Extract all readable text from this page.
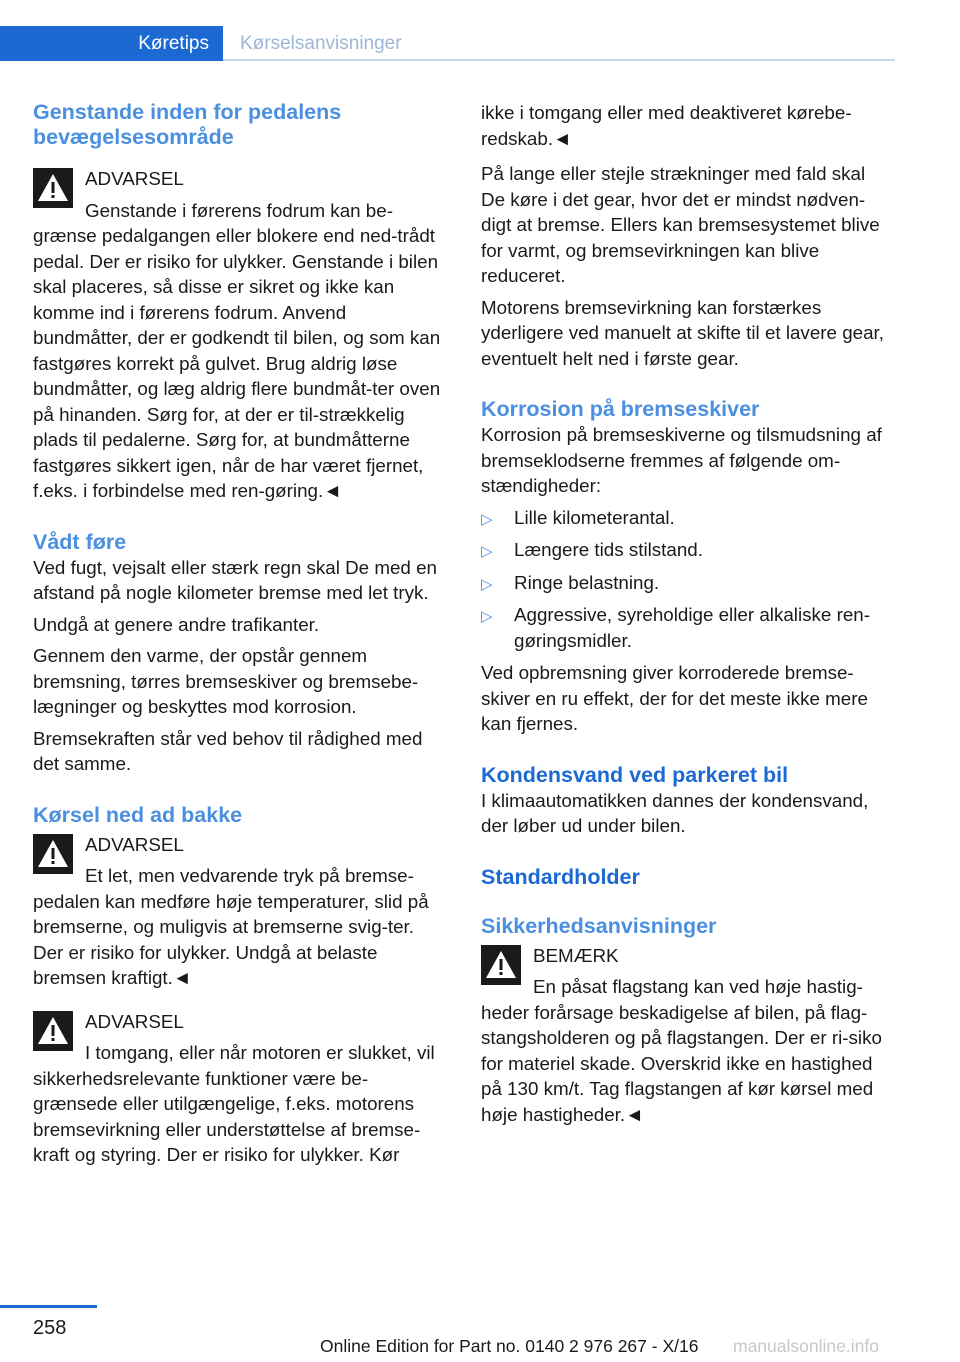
Køretips	Kørselsanvisninger
Genstande inden for pedalens bevægelsesområde
ADVARSEL
Genstande i førerens fodrum kan be-grænse pedalgangen eller blokere end ned-trådt pedal. Der er risiko for ulykker. Genstande i bilen skal placeres, så disse er sikret og ikke kan komme ind i førerens fodrum. Anvend bundmåtter, der er godkendt til bilen, og som kan fastgøres korrekt på gulvet. Brug aldrig løse bundmåtter, og læg aldrig flere bundmåt-ter oven på hinanden. Sørg for, at der er til-strækkelig plads til pedalerne. Sørg for, at bundmåtterne fastgøres sikkert igen, når de har været fjernet, f.eks. i forbindelse med ren-gøring.◄
Vådt føre
Ved fugt, vejsalt eller stærk regn skal De med en afstand på nogle kilometer bremse med let tryk.
Undgå at genere andre trafikanter.
Gennem den varme, der opstår gennem bremsning, tørres bremseskiver og bremsebe-lægninger og beskyttes mod korrosion.
Bremsekraften står ved behov til rådighed med det samme.
Kørsel ned ad bakke
ADVARSEL
Et let, men vedvarende tryk på bremse-pedalen kan medføre høje temperaturer, slid på bremserne, og muligvis at bremserne svig-ter. Der er risiko for ulykker. Undgå at belaste bremsen kraftigt.◄
ADVARSEL
I tomgang, eller når motoren er slukket, vil sikkerhedsrelevante funktioner være be-grænsede eller utilgængelige, f.eks. motorens bremsevirkning eller understøttelse af bremse-kraft og styring. Der er risiko for ulykker. Kør
ikke i tomgang eller med deaktiveret kørebe-redskab.◄
På lange eller stejle strækninger med fald skal De køre i det gear, hvor det er mindst nødven-digt at bremse. Ellers kan bremsesystemet blive for varmt, og bremsevirkningen kan blive reduceret.
Motorens bremsevirkning kan forstærkes yderligere ved manuelt at skifte til et lavere gear, eventuelt helt ned i første gear.
Korrosion på bremseskiver
Korrosion på bremseskiverne og tilsmudsning af bremseklodserne fremmes af følgende om-stændigheder:
▷ Lille kilometerantal.
▷ Længere tids stilstand.
▷ Ringe belastning.
▷ Aggressive, syreholdige eller alkaliske ren-gøringsmidler.
Ved opbremsning giver korroderede bremse-skiver en ru effekt, der for det meste ikke mere kan fjernes.
Kondensvand ved parkeret bil
I klimaautomatikken dannes der kondensvand, der løber ud under bilen.
Standardholder
Sikkerhedsanvisninger
BEMÆRK
En påsat flagstang kan ved høje hastig-heder forårsage beskadigelse af bilen, på flag-stangsholderen og på flagstangen. Der er ri-siko for materiel skade. Overskrid ikke en hastighed på 130 km/t. Tag flagstangen af kør kørsel med høje hastigheder.◄
258
Online Edition for Part no. 0140 2 976 267 - X/16 manualsonline.info
